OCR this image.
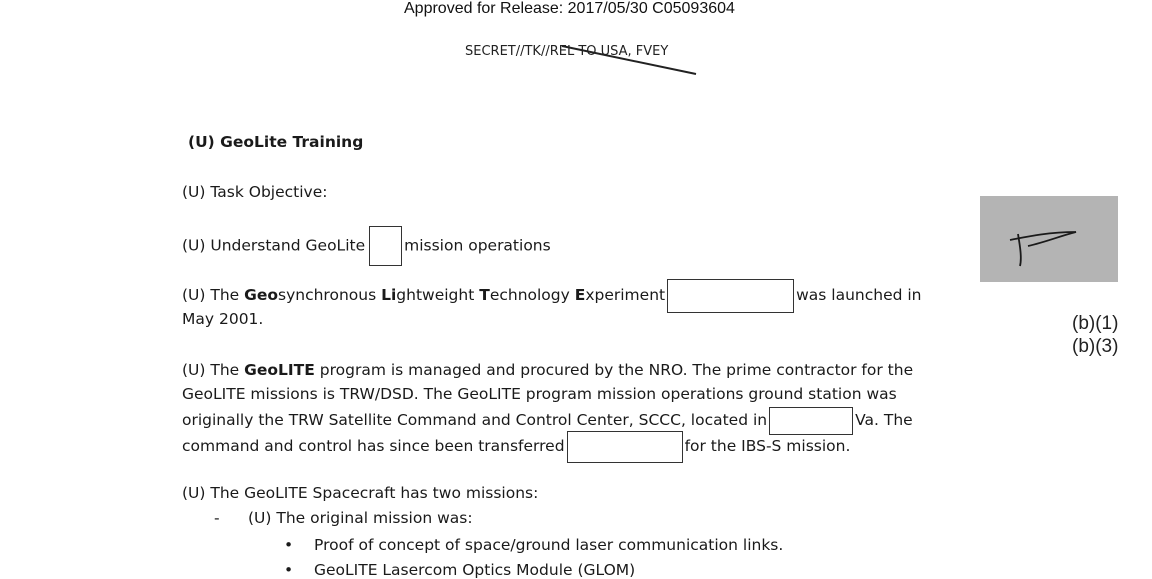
Approved for Release: 2017/05/30 C05093604
SECRET//TK//REL TO USA, FVEY
(U) GeoLite Training
(U) Task Objective:
(U) Understand GeoLite	mission operations
(U) The Geosynchronous Lightweight Technology Experiment	was launched in
May 2001.
(U) The GeoLITE program is managed and procured by the NRO. The prime contractor for the
GeoLITE missions is TRW/DSD. The GeoLITE program mission operations ground station was
originally the TRW Satellite Command and Control Center, SCCC, located in	Va. The
command and control has since been transferred	for the IBS-S mission.
(U) The GeoLITE Spacecraft has two missions:
- (U) The original mission was:
• Proof of concept of space/ground laser communication links.
• GeoLITE Lasercom Optics Module (GLOM)
(b)(1)
(b)(3)
